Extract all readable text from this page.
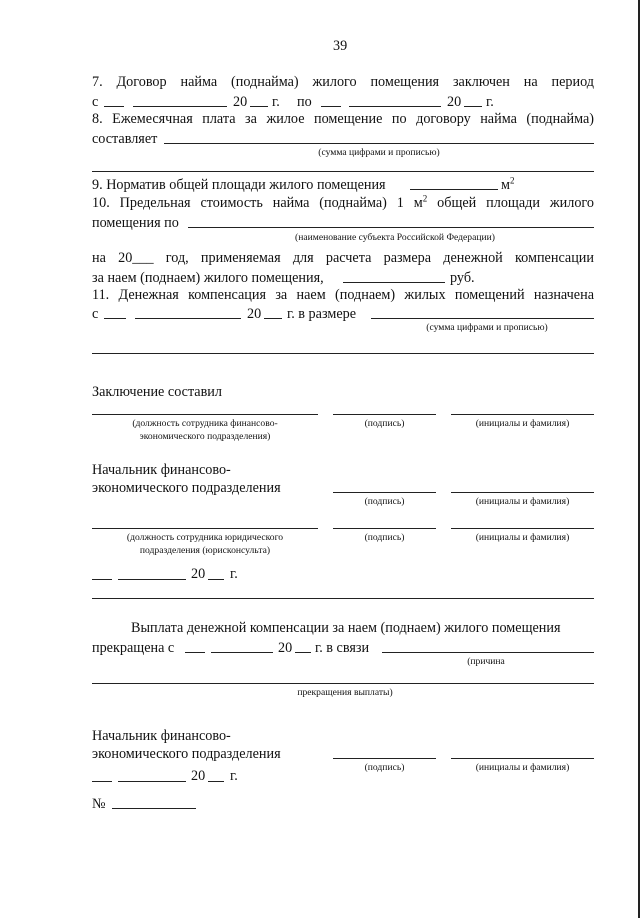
39
7. Договор найма (поднайма) жилого помещения заключен на период
с	20 г. по	20 г.
8. Ежемесячная плата за жилое помещение по договору найма (поднайма)
составляет
(сумма цифрами и прописью)
9. Норматив общей площади жилого помещения	$м^2$
10. Предельная стоимость найма (поднайма) 1 $м^2$ общей площади жилого
помещения по
(наименование субъекта Российской Федерации)
на 20___ год, применяемая для расчета размера денежной компенсации
за наем (поднаем) жилого помещения,	руб.
11. Денежная компенсация за наем (поднаем) жилых помещений назначена
с	20 г. в размере
(сумма цифрами и прописью)
Заключение составил
(должность сотрудника финансово-
экономического подразделения)
(подпись)	(инициалы и фамилия)
Начальник финансово-
экономического подразделения
(подпись)	(инициалы и фамилия)
(должность сотрудника юридического
подразделения (юрисконсульта)
(подпись)	(инициалы и фамилия)
20 г.
Выплата денежной компенсации за наем (поднаем) жилого помещения
прекращена с	20 г. в связи
(причина
прекращения выплаты)
Начальник финансово-
экономического подразделения
(подпись)	(инициалы и фамилия)
20 г.
№
